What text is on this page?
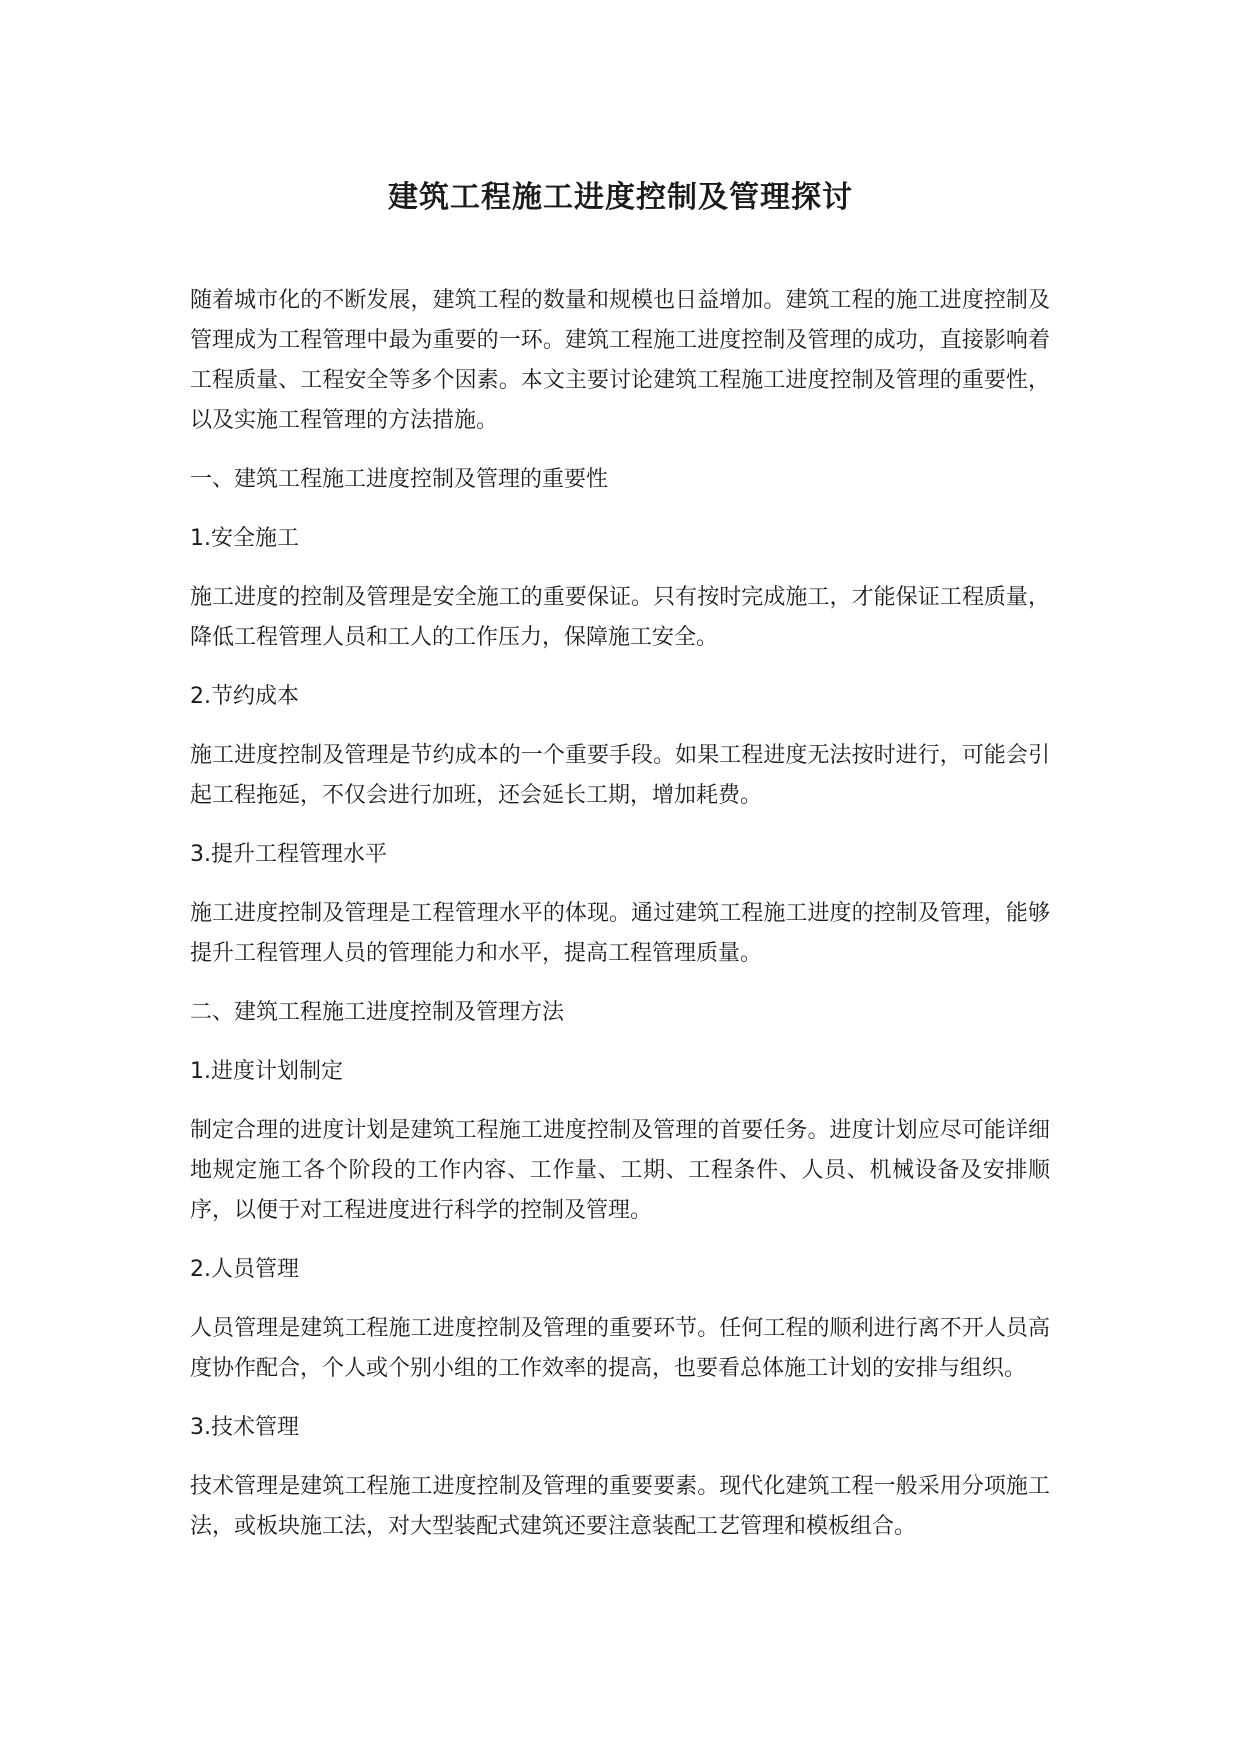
建筑工程施工进度控制及管理探讨

随着城市化的不断发展，建筑工程的数量和规模也日益增加。建筑工程的施工进度控制及管理成为工程管理中最为重要的一环。建筑工程施工进度控制及管理的成功，直接影响着工程质量、工程安全等多个因素。本文主要讨论建筑工程施工进度控制及管理的重要性，以及实施工程管理的方法措施。

一、建筑工程施工进度控制及管理的重要性

1.安全施工

施工进度的控制及管理是安全施工的重要保证。只有按时完成施工，才能保证工程质量，降低工程管理人员和工人的工作压力，保障施工安全。

2.节约成本

施工进度控制及管理是节约成本的一个重要手段。如果工程进度无法按时进行，可能会引起工程拖延，不仅会进行加班，还会延长工期，增加耗费。

3.提升工程管理水平

施工进度控制及管理是工程管理水平的体现。通过建筑工程施工进度的控制及管理，能够提升工程管理人员的管理能力和水平，提高工程管理质量。

二、建筑工程施工进度控制及管理方法

1.进度计划制定

制定合理的进度计划是建筑工程施工进度控制及管理的首要任务。进度计划应尽可能详细地规定施工各个阶段的工作内容、工作量、工期、工程条件、人员、机械设备及安排顺序，以便于对工程进度进行科学的控制及管理。

2.人员管理

人员管理是建筑工程施工进度控制及管理的重要环节。任何工程的顺利进行离不开人员高度协作配合，个人或个别小组的工作效率的提高，也要看总体施工计划的安排与组织。

3.技术管理

技术管理是建筑工程施工进度控制及管理的重要要素。现代化建筑工程一般采用分项施工法，或板块施工法，对大型装配式建筑还要注意装配工艺管理和模板组合。
